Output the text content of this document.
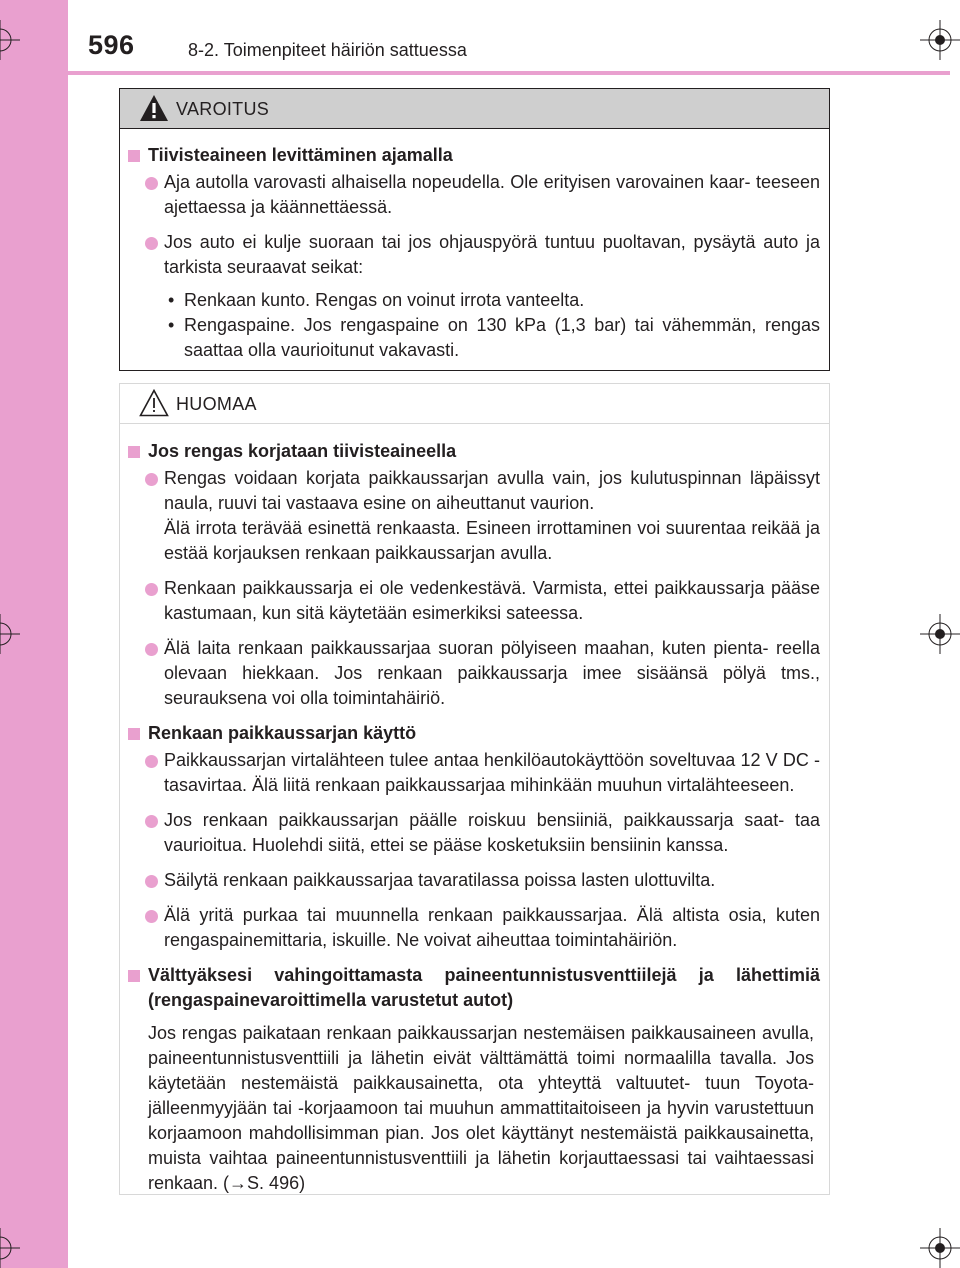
596	8-2. Toimenpiteet häiriön sattuessa
VAROITUS
Tiivisteaineen levittäminen ajamalla
Aja autolla varovasti alhaisella nopeudella. Ole erityisen varovainen kaar- teeseen ajettaessa ja käännettäessä.
Jos auto ei kulje suoraan tai jos ohjauspyörä tuntuu puoltavan, pysäytä auto ja tarkista seuraavat seikat:
• Renkaan kunto. Rengas on voinut irrota vanteelta.
• Rengaspaine. Jos rengaspaine on 130 kPa (1,3 bar) tai vähemmän, rengas saattaa olla vaurioitunut vakavasti.
HUOMAA
Jos rengas korjataan tiivisteaineella
Rengas voidaan korjata paikkaussarjan avulla vain, jos kulutuspinnan läpäissyt naula, ruuvi tai vastaava esine on aiheuttanut vaurion.
Älä irrota terävää esinettä renkaasta. Esineen irrottaminen voi suurentaa reikää ja estää korjauksen renkaan paikkaussarjan avulla.
Renkaan paikkaussarja ei ole vedenkestävä. Varmista, ettei paikkaussarja pääse kastumaan, kun sitä käytetään esimerkiksi sateessa.
Älä laita renkaan paikkaussarjaa suoran pölyiseen maahan, kuten pienta- reella olevaan hiekkaan. Jos renkaan paikkaussarja imee sisäänsä pölyä tms., seurauksena voi olla toimintahäiriö.
Renkaan paikkaussarjan käyttö
Paikkaussarjan virtalähteen tulee antaa henkilöautokäyttöön soveltuvaa 12 V DC -tasavirtaa. Älä liitä renkaan paikkaussarjaa mihinkään muuhun virtalähteeseen.
Jos renkaan paikkaussarjan päälle roiskuu bensiiniä, paikkaussarja saat- taa vaurioitua. Huolehdi siitä, ettei se pääse kosketuksiin bensiinin kanssa.
Säilytä renkaan paikkaussarjaa tavaratilassa poissa lasten ulottuvilta.
Älä yritä purkaa tai muunnella renkaan paikkaussarjaa. Älä altista osia, kuten rengaspainemittaria, iskuille. Ne voivat aiheuttaa toimintahäiriön.
Välttyäksesi vahingoittamasta paineentunnistusventtiilejä ja lähettimiä (rengaspainevaroittimella varustetut autot)
Jos rengas paikataan renkaan paikkaussarjan nestemäisen paikkausaineen avulla, paineentunnistusventtiili ja lähetin eivät välttämättä toimi normaalilla tavalla. Jos käytetään nestemäistä paikkausainetta, ota yhteyttä valtuutet- tuun Toyota-jälleenmyyjään tai -korjaamoon tai muuhun ammattitaitoiseen ja hyvin varustettuun korjaamoon mahdollisimman pian. Jos olet käyttänyt nestemäistä paikkausainetta, muista vaihtaa paineentunnistusventtiili ja lähetin korjauttaessasi tai vaihtaessasi renkaan. (→S. 496)
